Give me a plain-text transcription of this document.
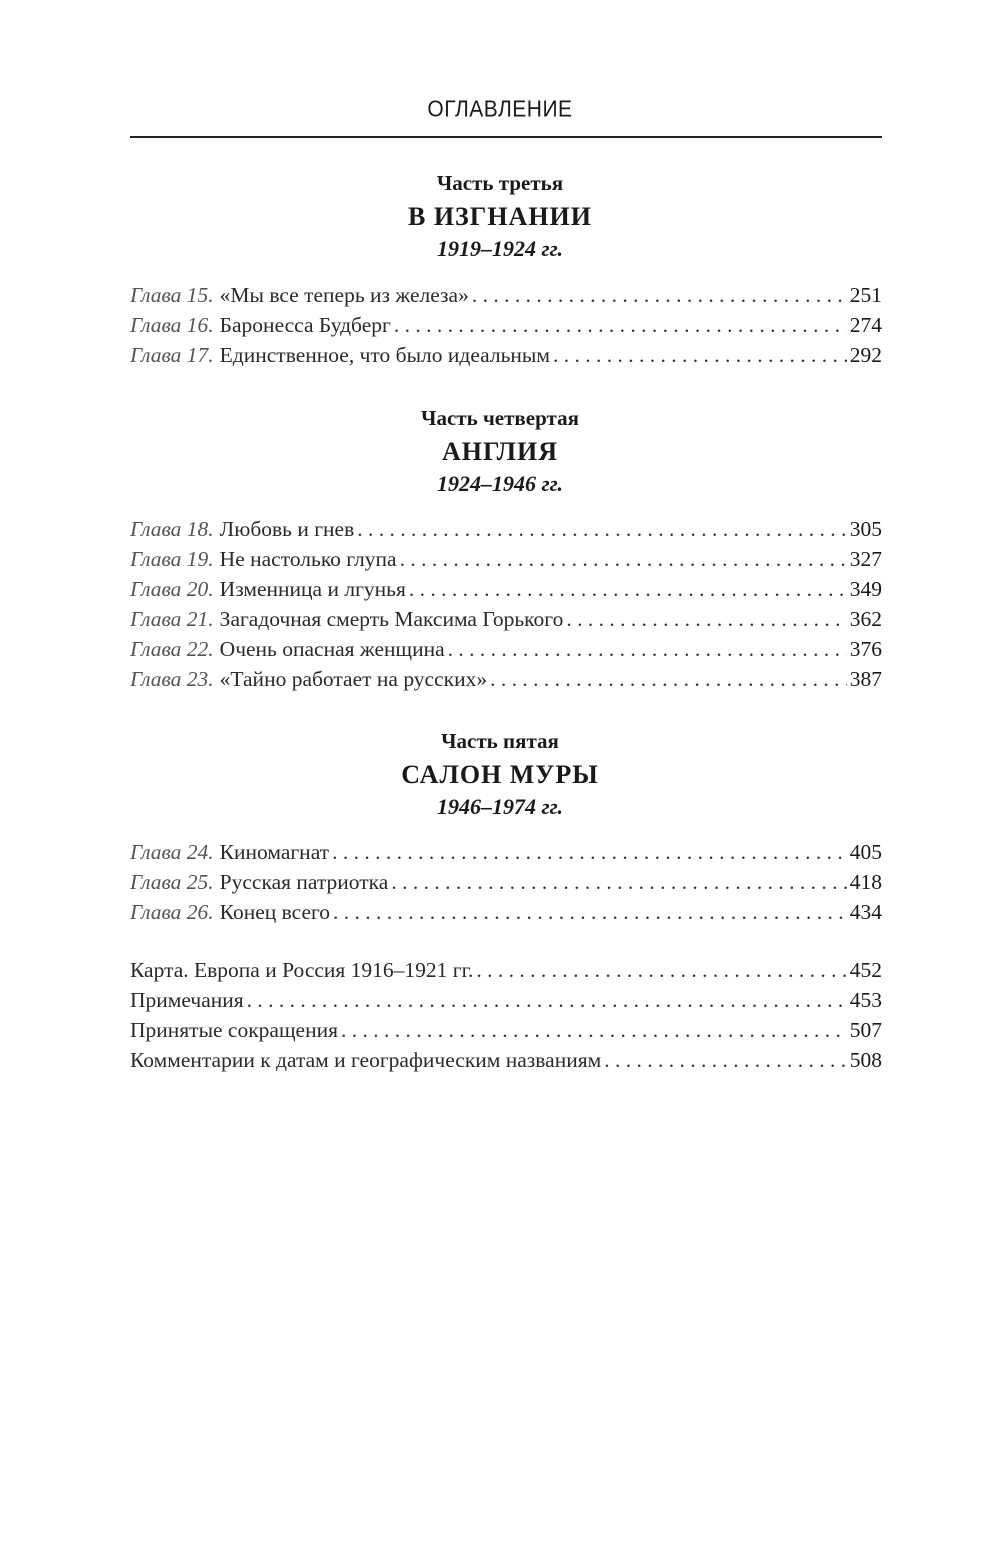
ОГЛАВЛЕНИЕ
Часть третья
В ИЗГНАНИИ
1919–1924 гг.
Глава 15. «Мы все теперь из железа» . . .	251
Глава 16. Баронесса Будберг . . .	274
Глава 17. Единственное, что было идеальным . . .	292
Часть четвертая
АНГЛИЯ
1924–1946 гг.
Глава 18. Любовь и гнев . . .	305
Глава 19. Не настолько глупа . . .	327
Глава 20. Изменница и лгунья . . .	349
Глава 21. Загадочная смерть Максима Горького . . .	362
Глава 22. Очень опасная женщина . . .	376
Глава 23. «Тайно работает на русских» . . .	387
Часть пятая
САЛОН МУРЫ
1946–1974 гг.
Глава 24. Киномагнат . . .	405
Глава 25. Русская патриотка . . .	418
Глава 26. Конец всего . . .	434
Карта. Европа и Россия 1916–1921 гг. . . .	452
Примечания . . .	453
Принятые сокращения . . .	507
Комментарии к датам и географическим названиям . . .	508
